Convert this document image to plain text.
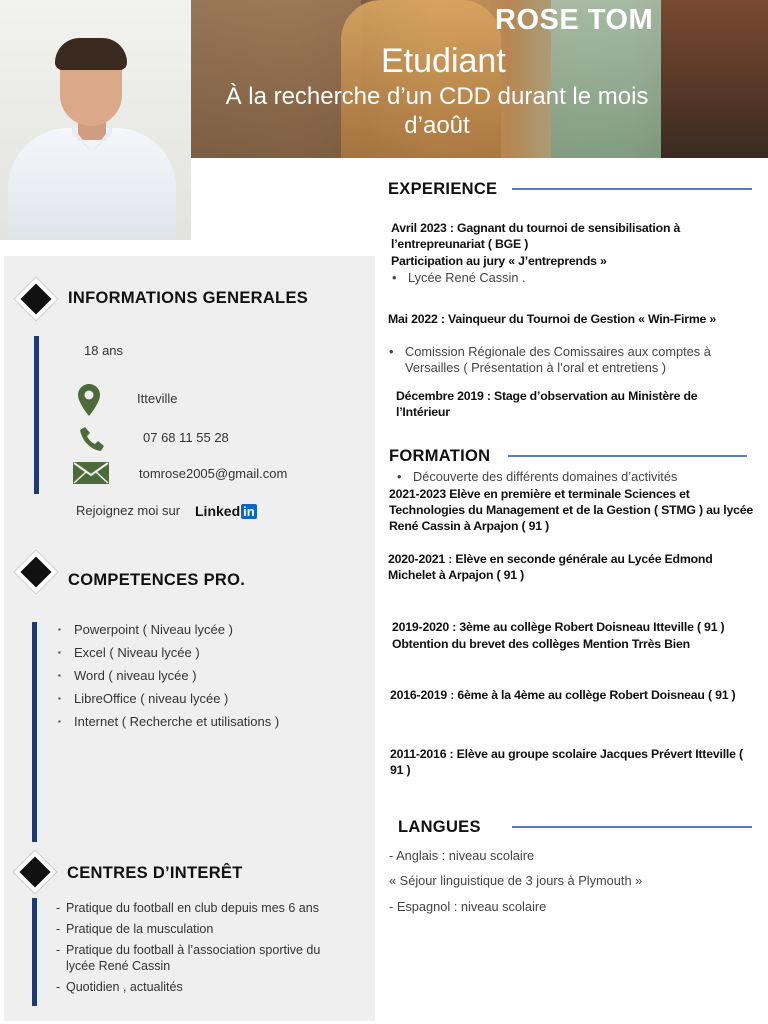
ROSE TOM
Etudiant
À la recherche d’un CDD durant le mois d’août
INFORMATIONS GENERALES
18 ans
Itteville
07 68 11 55 28
tomrose2005@gmail.com
Rejoignez moi sur Linked in
COMPETENCES PRO.
▪ Powerpoint ( Niveau lycée )
▪ Excel ( Niveau lycée )
▪ Word ( niveau lycée )
▪ LibreOffice ( niveau lycée )
▪ Internet ( Recherche et utilisations )
CENTRES D’INTERÊT
- Pratique du football en club depuis mes 6 ans
- Pratique de la musculation
- Pratique du football à l’association sportive du lycée René Cassin
- Quotidien , actualités
EXPERIENCE
Avril 2023 : Gagnant du tournoi de sensibilisation à l’entrepreunariat ( BGE )
Participation au jury « J’entreprends »
• Lycée René Cassin .
Mai 2022 : Vainqueur du Tournoi de Gestion « Win-Firme »
• Comission Régionale des Comissaires aux comptes à Versailles ( Présentation à l’oral et entretiens )
Décembre 2019 : Stage d’observation au Ministère de l’Intérieur
• Découverte des différents domaines d’activités
FORMATION
2021-2023 Elève en première et terminale Sciences et Technologies du Management et de la Gestion ( STMG ) au lycée René Cassin à Arpajon ( 91 )
2020-2021 : Elève en seconde générale au Lycée Edmond Michelet à Arpajon ( 91 )
2019-2020 : 3ème au collège Robert Doisneau Itteville ( 91 )
Obtention du brevet des collèges Mention Trrès Bien
2016-2019 : 6ème à la 4ème au collège Robert Doisneau ( 91 )
2011-2016 : Elève au groupe scolaire Jacques Prévert Itteville ( 91 )
LANGUES
- Anglais : niveau scolaire
« Séjour linguistique de 3 jours à Plymouth »
- Espagnol : niveau scolaire
